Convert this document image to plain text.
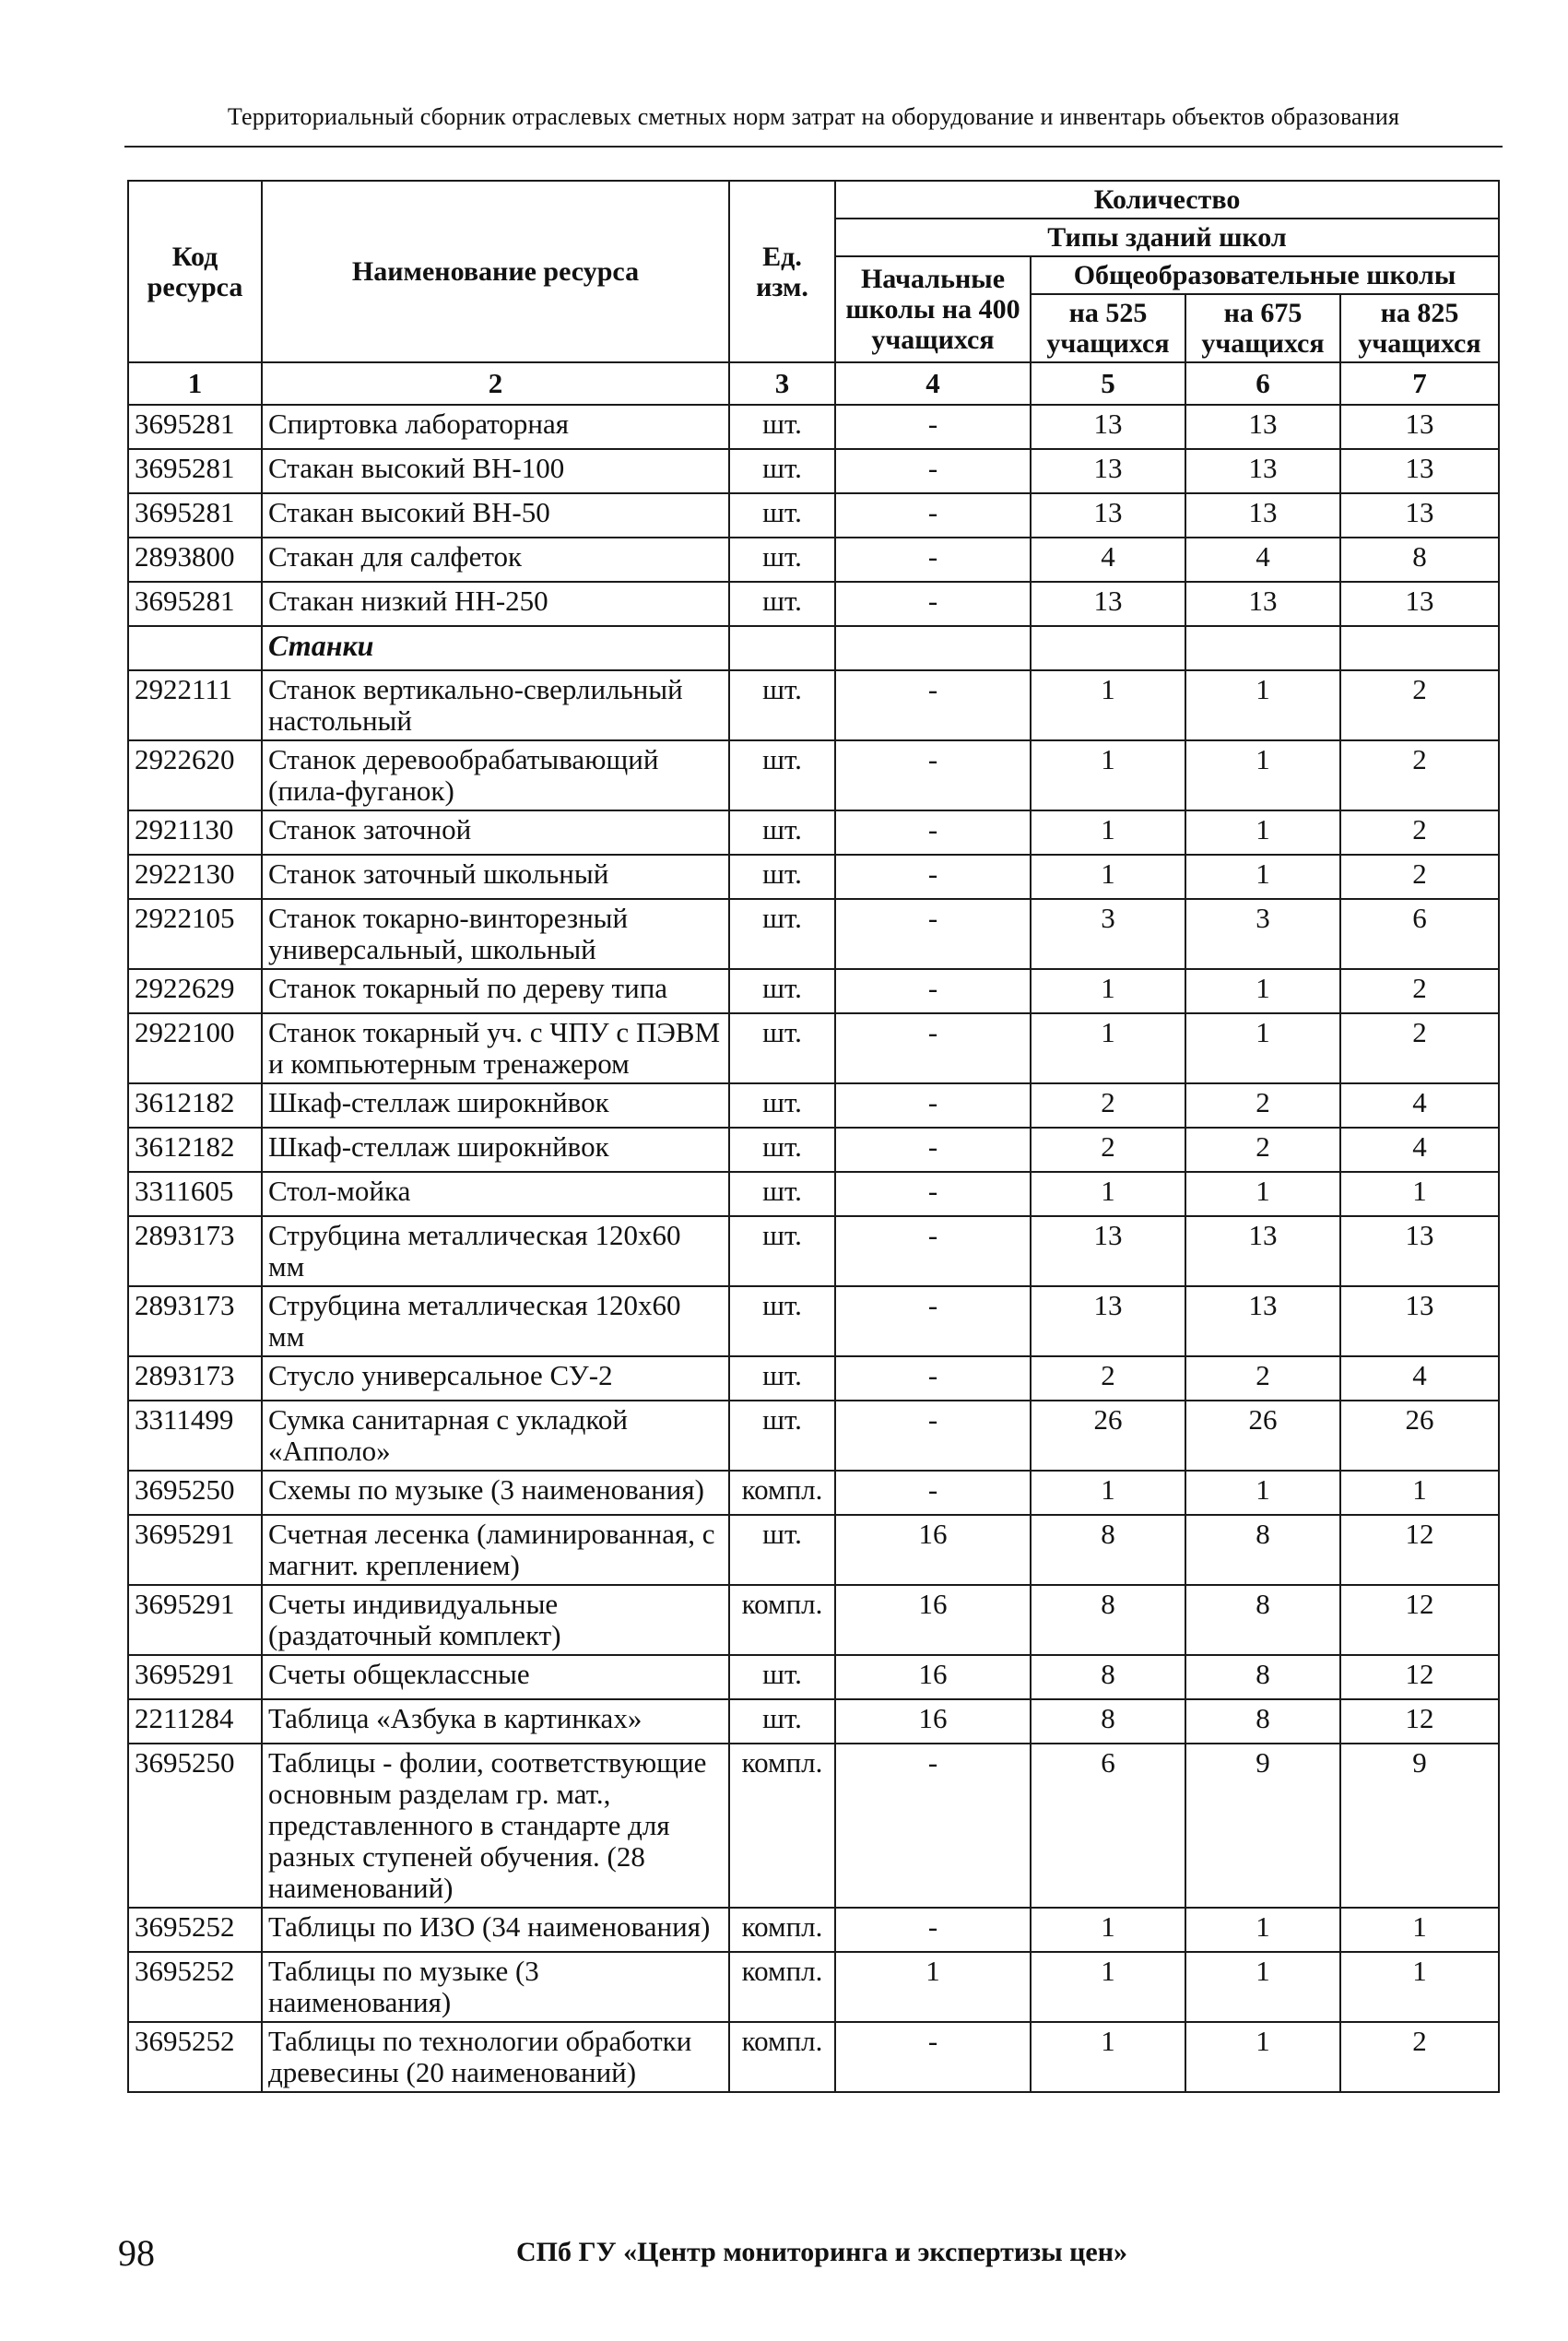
Территориальный сборник отраслевых сметных норм затрат на оборудование и инвентарь объектов образования
Код ресурса	Наименование ресурса	Ед. изм.	Количество			
			Типы зданий школ			
			Начальные школы на 400 учащихся	Общеобразовательные школы		
				на 525 учащихся	на 675 учащихся	на 825 учащихся
1	2	3	4	5	6	7
3695281	Спиртовка лабораторная	шт.	-	13	13	13
3695281	Стакан высокий ВН-100	шт.	-	13	13	13
3695281	Стакан высокий ВН-50	шт.	-	13	13	13
2893800	Стакан для салфеток	шт.	-	4	4	8
3695281	Стакан низкий НН-250	шт.	-	13	13	13
	Станки					
2922111	Станок вертикально-сверлильный настольный	шт.	-	1	1	2
2922620	Станок деревообрабатывающий (пила-фуганок)	шт.	-	1	1	2
2921130	Станок заточной	шт.	-	1	1	2
2922130	Станок заточный школьный	шт.	-	1	1	2
2922105	Станок токарно-винторезный универсальный, школьный	шт.	-	3	3	6
2922629	Станок токарный по дереву типа	шт.	-	1	1	2
2922100	Станок токарный уч. с ЧПУ с ПЭВМ и компьютерным тренажером	шт.	-	1	1	2
3612182	Шкаф-стеллаж широкнйвок	шт.	-	2	2	4
3612182	Шкаф-стеллаж широкнйвок	шт.	-	2	2	4
3311605	Стол-мойка	шт.	-	1	1	1
2893173	Струбцина металлическая 120х60 мм	шт.	-	13	13	13
2893173	Струбцина металлическая 120х60 мм	шт.	-	13	13	13
2893173	Стусло универсальное СУ-2	шт.	-	2	2	4
3311499	Сумка санитарная с укладкой «Апполо»	шт.	-	26	26	26
3695250	Схемы по музыке (3 наименования)	компл.	-	1	1	1
3695291	Счетная лесенка (ламинированная, с магнит. креплением)	шт.	16	8	8	12
3695291	Счеты индивидуальные (раздаточный комплект)	компл.	16	8	8	12
3695291	Счеты общеклассные	шт.	16	8	8	12
2211284	Таблица «Азбука в картинках»	шт.	16	8	8	12
3695250	Таблицы - фолии, соответствующие основным разделам гр. мат., представленного в стандарте для разных ступеней обучения. (28 наименований)	компл.	-	6	9	9
3695252	Таблицы по ИЗО (34 наименования)	компл.	-	1	1	1
3695252	Таблицы по музыке (3 наименования)	компл.	1	1	1	1
3695252	Таблицы по технологии обработки древесины (20 наименований)	компл.	-	1	1	2
98	СПб ГУ «Центр мониторинга и экспертизы цен»
